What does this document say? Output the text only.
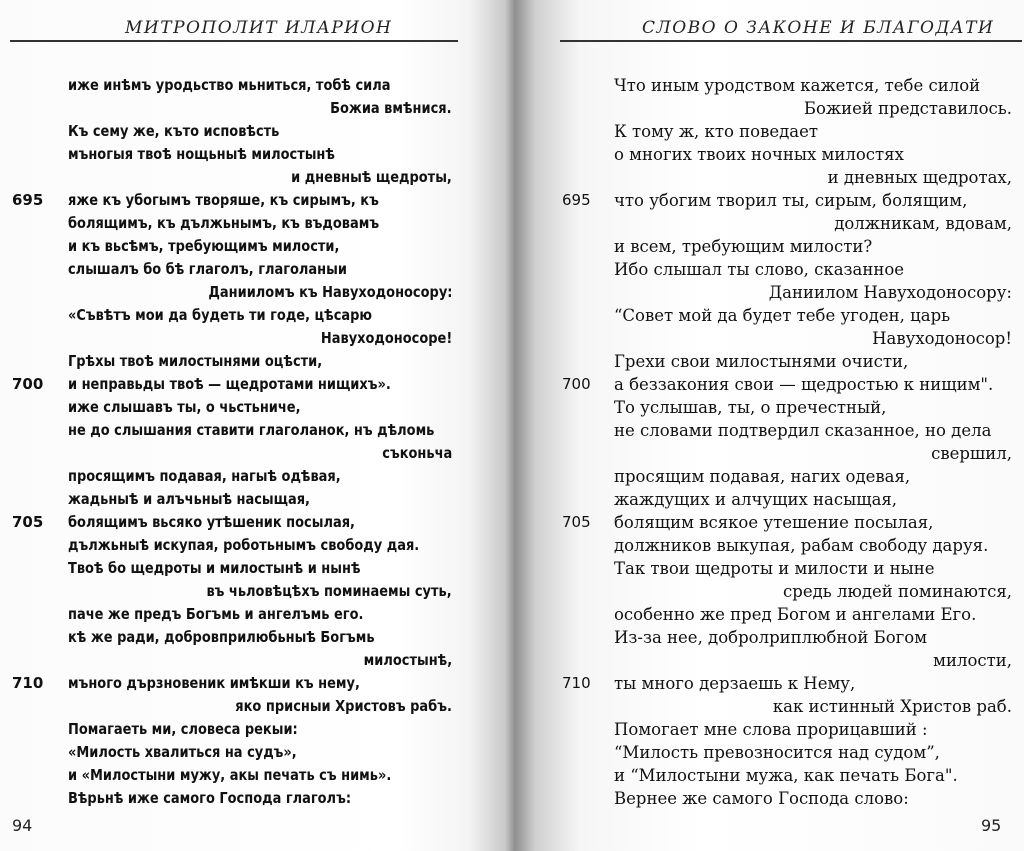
МИТРОПОЛИТ ИЛАРИОН
иже инѣмъ уродьство мьниться, тобѣ сила
Божиа вмѣнися.
Къ сему же, къто исповѣсть
мъногыя твоѣ нощьныѣ милостынѣ
и дневныѣ щедроты,
695 яже къ убогымъ творяше, къ сирымъ, къ
болящимъ, къ дължьнымъ, къ въдовамъ
и къ вьсѣмъ, требующимъ милости,
слышалъ бо бѣ глаголъ, глаголаныи
Данииломъ къ Навуходоносору:
«Съвѣтъ мои да будеть ти годе, цѣсарю
Навуходоносоре!
Грѣхы твоѣ милостынями оцѣсти,
700 и неправьды твоѣ — щедротами нищихъ».
иже слышавъ ты, о чьстьниче,
не до слышания ставити глаголанок, нъ дѣломь
съконьча
просящимъ подавая, нагыѣ одѣвая,
жадьныѣ и алъчьныѣ насыщая,
705 болящимъ вьсяко утѣшеник посылая,
дължьныѣ искупая, роботьнымъ свободу дая.
Твоѣ бо щедроты и милостынѣ и нынѣ
въ чьловѣцѣхъ поминаемы суть,
паче же предъ Богъмь и ангелъмь его.
кѣ же ради, добровприлюбьныѣ Богъмь
милостынѣ,
710 мъного дързновеник имѣкши къ нему,
яко присныи Христовъ рабъ.
Помагаеть ми, словеса рекыи:
«Милость хвалиться на судъ»,
и «Милостыни мужу, акы печать съ нимь».
Вѣрьнѣ иже самого Господа глаголъ:
94
СЛОВО О ЗАКОНЕ И БЛАГОДАТИ
Что иным уродством кажется, тебе силой
Божией представилось.
К тому ж, кто поведает
о многих твоих ночных милостях
и дневных щедротах,
695 что убогим творил ты, сирым, болящим,
должникам, вдовам,
и всем, требующим милости?
Ибо слышал ты слово, сказанное
Даниилом Навуходоносору:
“Совет мой да будет тебе угоден, царь
Навуходоносор!
Грехи свои милостынями очисти,
700 а беззакония свои — щедростью к нищим".
То услышав, ты, о пречестный,
не словами подтвердил сказанное, но дела
свершил,
просящим подавая, нагих одевая,
жаждущих и алчущих насыщая,
705 болящим всякое утешение посылая,
должников выкупая, рабам свободу даруя.
Так твои щедроты и милости и ныне
средь людей поминаются,
особенно же пред Богом и ангелами Его.
Из-за нее, добролриплюбной Богом
милости,
710 ты много дерзаешь к Нему,
как истинный Христов раб.
Помогает мне слова прорицавший :
“Милость превозносится над судом”,
и “Милостыни мужа, как печать Бога".
Вернее же самого Господа слово:
95
